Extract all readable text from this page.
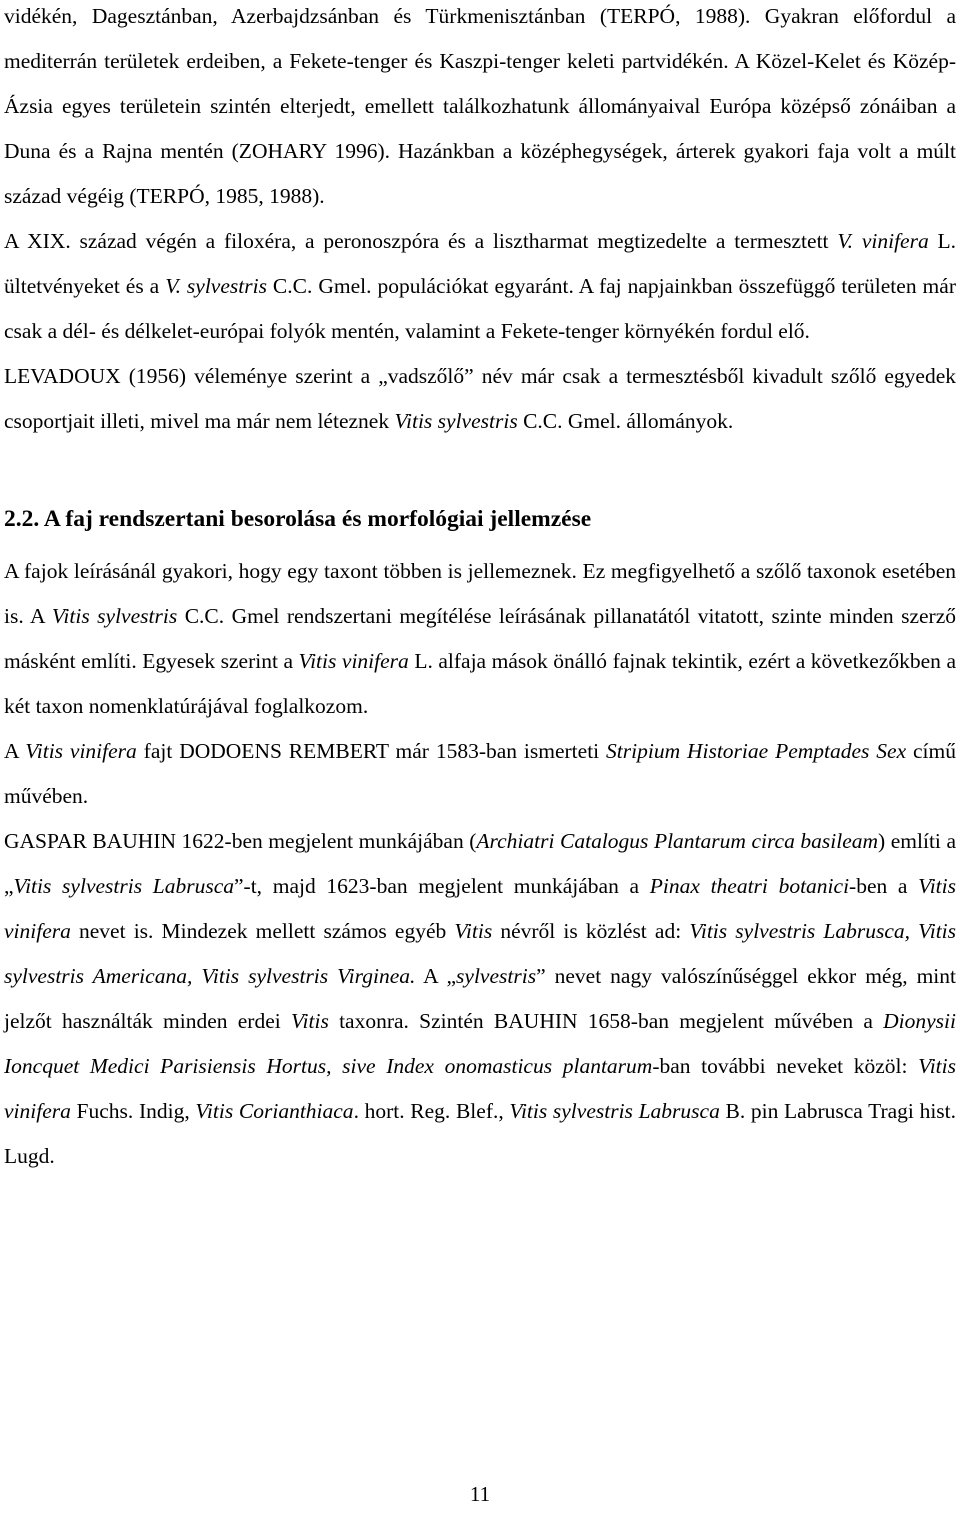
vidékén, Dagesztánban, Azerbajdzsánban és Türkmenisztánban (TERPÓ, 1988). Gyakran előfordul a mediterrán területek erdeiben, a Fekete-tenger és Kaszpi-tenger keleti partvidékén. A Közel-Kelet és Közép-Ázsia egyes területein szintén elterjedt, emellett találkozhatunk állományaival Európa középső zónáiban a Duna és a Rajna mentén (ZOHARY 1996). Hazánkban a középhegységek, árterek gyakori faja volt a múlt század végéig (TERPÓ, 1985, 1988).

A XIX. század végén a filoxéra, a peronoszpóra és a lisztharmat megtizedelte a termesztett V. vinifera L. ültetvényeket és a V. sylvestris C.C. Gmel. populációkat egyaránt. A faj napjainkban összefüggő területen már csak a dél- és délkelet-európai folyók mentén, valamint a Fekete-tenger környékén fordul elő.

LEVADOUX (1956) véleménye szerint a „vadszőlő” név már csak a termesztésből kivadult szőlő egyedek csoportjait illeti, mivel ma már nem léteznek Vitis sylvestris C.C. Gmel. állományok.

2.2. A faj rendszertani besorolása és morfológiai jellemzése

A fajok leírásánál gyakori, hogy egy taxont többen is jellemeznek. Ez megfigyelhető a szőlő taxonok esetében is. A Vitis sylvestris C.C. Gmel rendszertani megítélése leírásának pillanatától vitatott, szinte minden szerző másként említi. Egyesek szerint a Vitis vinifera L. alfaja mások önálló fajnak tekintik, ezért a következőkben a két taxon nomenklatúrájával foglalkozom.

A Vitis vinifera fajt DODOENS REMBERT már 1583-ban ismerteti Stripium Historiae Pemptades Sex című művében.

GASPAR BAUHIN 1622-ben megjelent munkájában (Archiatri Catalogus Plantarum circa basileam) említi a „Vitis sylvestris Labrusca”-t, majd 1623-ban megjelent munkájában a Pinax theatri botanici-ben a Vitis vinifera nevet is. Mindezek mellett számos egyéb Vitis névről is közlést ad: Vitis sylvestris Labrusca, Vitis sylvestris Americana, Vitis sylvestris Virginea. A „sylvestris” nevet nagy valószínűséggel ekkor még, mint jelzőt használták minden erdei Vitis taxonra. Szintén BAUHIN 1658-ban megjelent művében a Dionysii Ioncquet Medici Parisiensis Hortus, sive Index onomasticus plantarum-ban további neveket közöl: Vitis vinifera Fuchs. Indig, Vitis Corianthiaca. hort. Reg. Blef., Vitis sylvestris Labrusca B. pin Labrusca Tragi hist. Lugd.

11
